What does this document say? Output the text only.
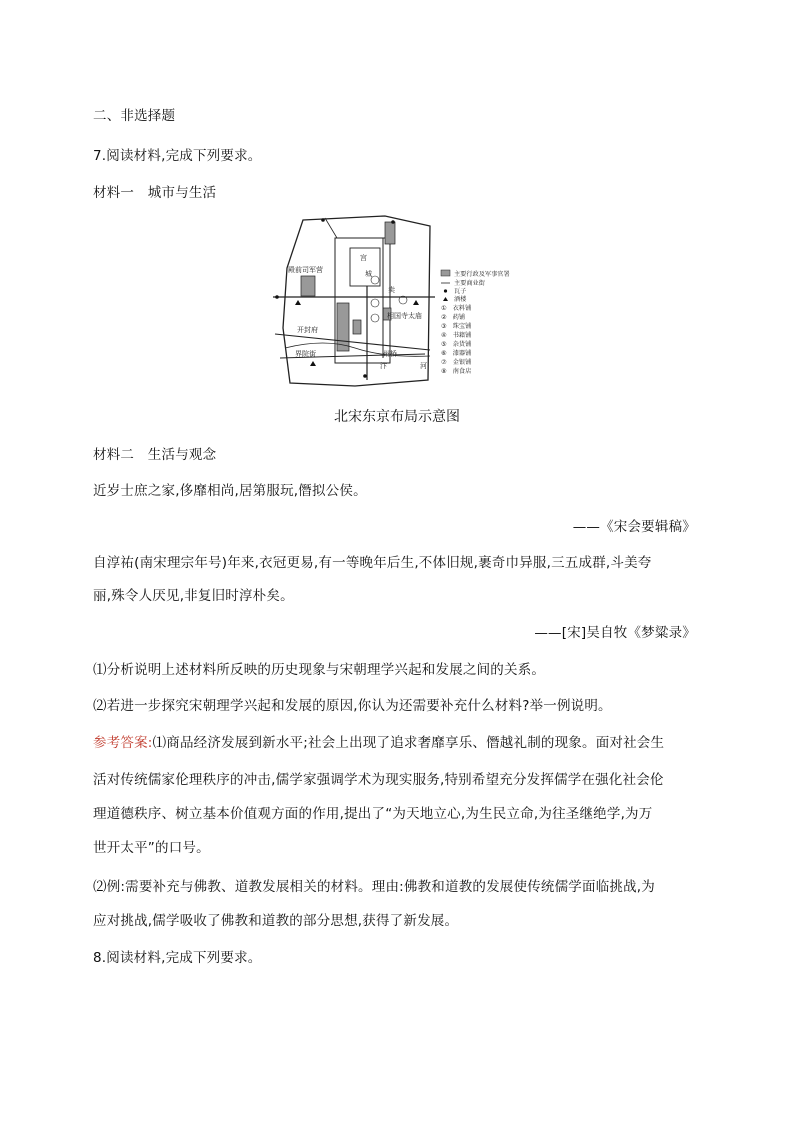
二、非选择题
7.阅读材料,完成下列要求。
材料一　城市与生活
宫
城
殿前司军营
开封府
界院街
卖
太庙
相国寺
州桥
汴	河
主要行政及军事官署
主要商业街
瓦子
酒楼
①　衣料铺
②　药铺
③　珠宝铺
④　书籍铺
⑤　杂货铺
⑥　漆器铺
⑦　金银铺
⑧　南食店
北宋东京布局示意图
材料二　生活与观念
近岁士庶之家,侈靡相尚,居第服玩,僭拟公侯。
——《宋会要辑稿》
自淳祐(南宋理宗年号)年来,衣冠更易,有一等晚年后生,不体旧规,裹奇巾异服,三五成群,斗美夸
丽,殊令人厌见,非复旧时淳朴矣。
——[宋]吴自牧《梦粱录》
⑴分析说明上述材料所反映的历史现象与宋朝理学兴起和发展之间的关系。
⑵若进一步探究宋朝理学兴起和发展的原因,你认为还需要补充什么材料?举一例说明。
参考答案:⑴商品经济发展到新水平;社会上出现了追求奢靡享乐、僭越礼制的现象。面对社会生
活对传统儒家伦理秩序的冲击,儒学家强调学术为现实服务,特别希望充分发挥儒学在强化社会伦
理道德秩序、树立基本价值观方面的作用,提出了“为天地立心,为生民立命,为往圣继绝学,为万
世开太平”的口号。
⑵例:需要补充与佛教、道教发展相关的材料。理由:佛教和道教的发展使传统儒学面临挑战,为
应对挑战,儒学吸收了佛教和道教的部分思想,获得了新发展。
8.阅读材料,完成下列要求。
